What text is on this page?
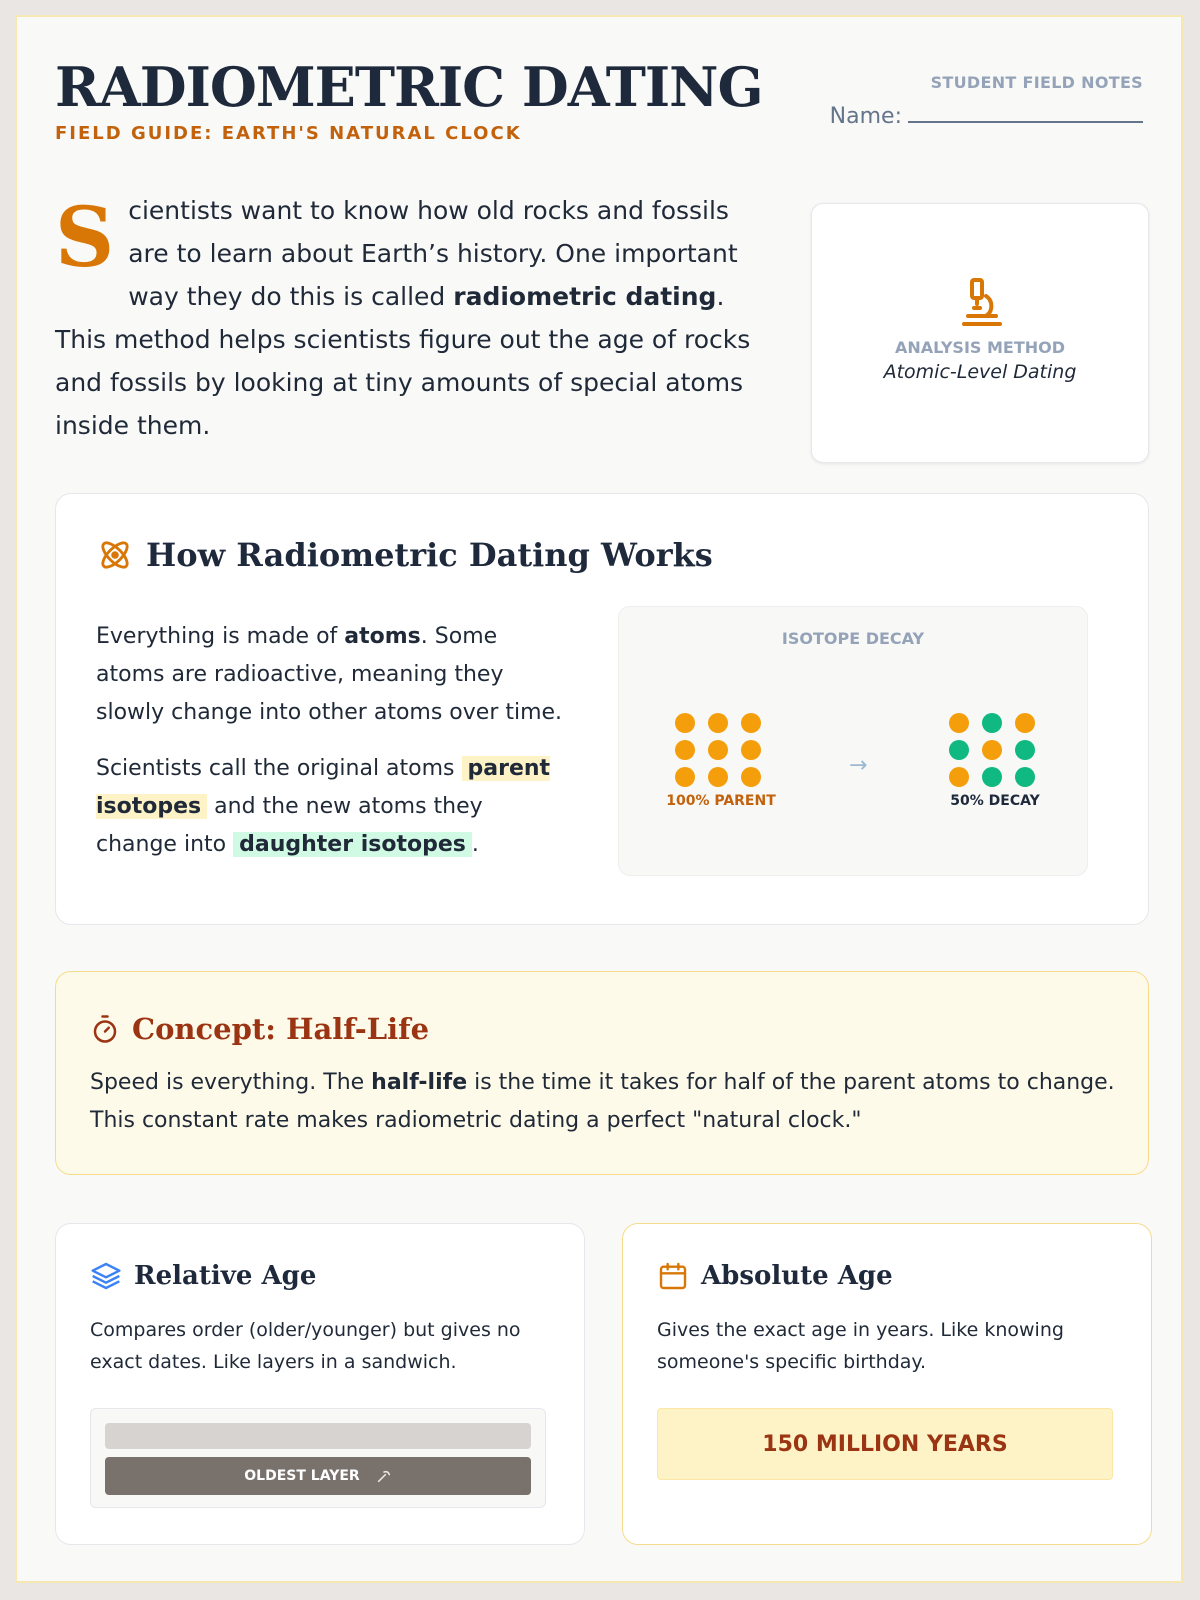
RADIOMETRIC DATING
FIELD GUIDE: EARTH'S NATURAL CLOCK
STUDENT FIELD NOTES
Name:

Scientists want to know how old rocks and fossils are to learn about Earth’s history. One important way they do this is called radiometric dating. This method helps scientists figure out the age of rocks and fossils by looking at tiny amounts of special atoms inside them.

ANALYSIS METHOD
Atomic-Level Dating
How Radiometric Dating Works

Everything is made of atoms. Some atoms are radioactive, meaning they slowly change into other atoms over time.

Scientists call the original atoms parent isotopes and the new atoms they change into daughter isotopes .

ISOTOPE DECAY
→
100% PARENT	50% DECAY
Concept: Half-Life

Speed is everything. The half-life is the time it takes for half of the parent atoms to change. This constant rate makes radiometric dating a perfect "natural clock."

Relative Age

Compares order (older/younger) but gives no exact dates. Like layers in a sandwich.

OLDEST LAYER
Absolute Age

Gives the exact age in years. Like knowing someone's specific birthday.

150 MILLION YEARS
